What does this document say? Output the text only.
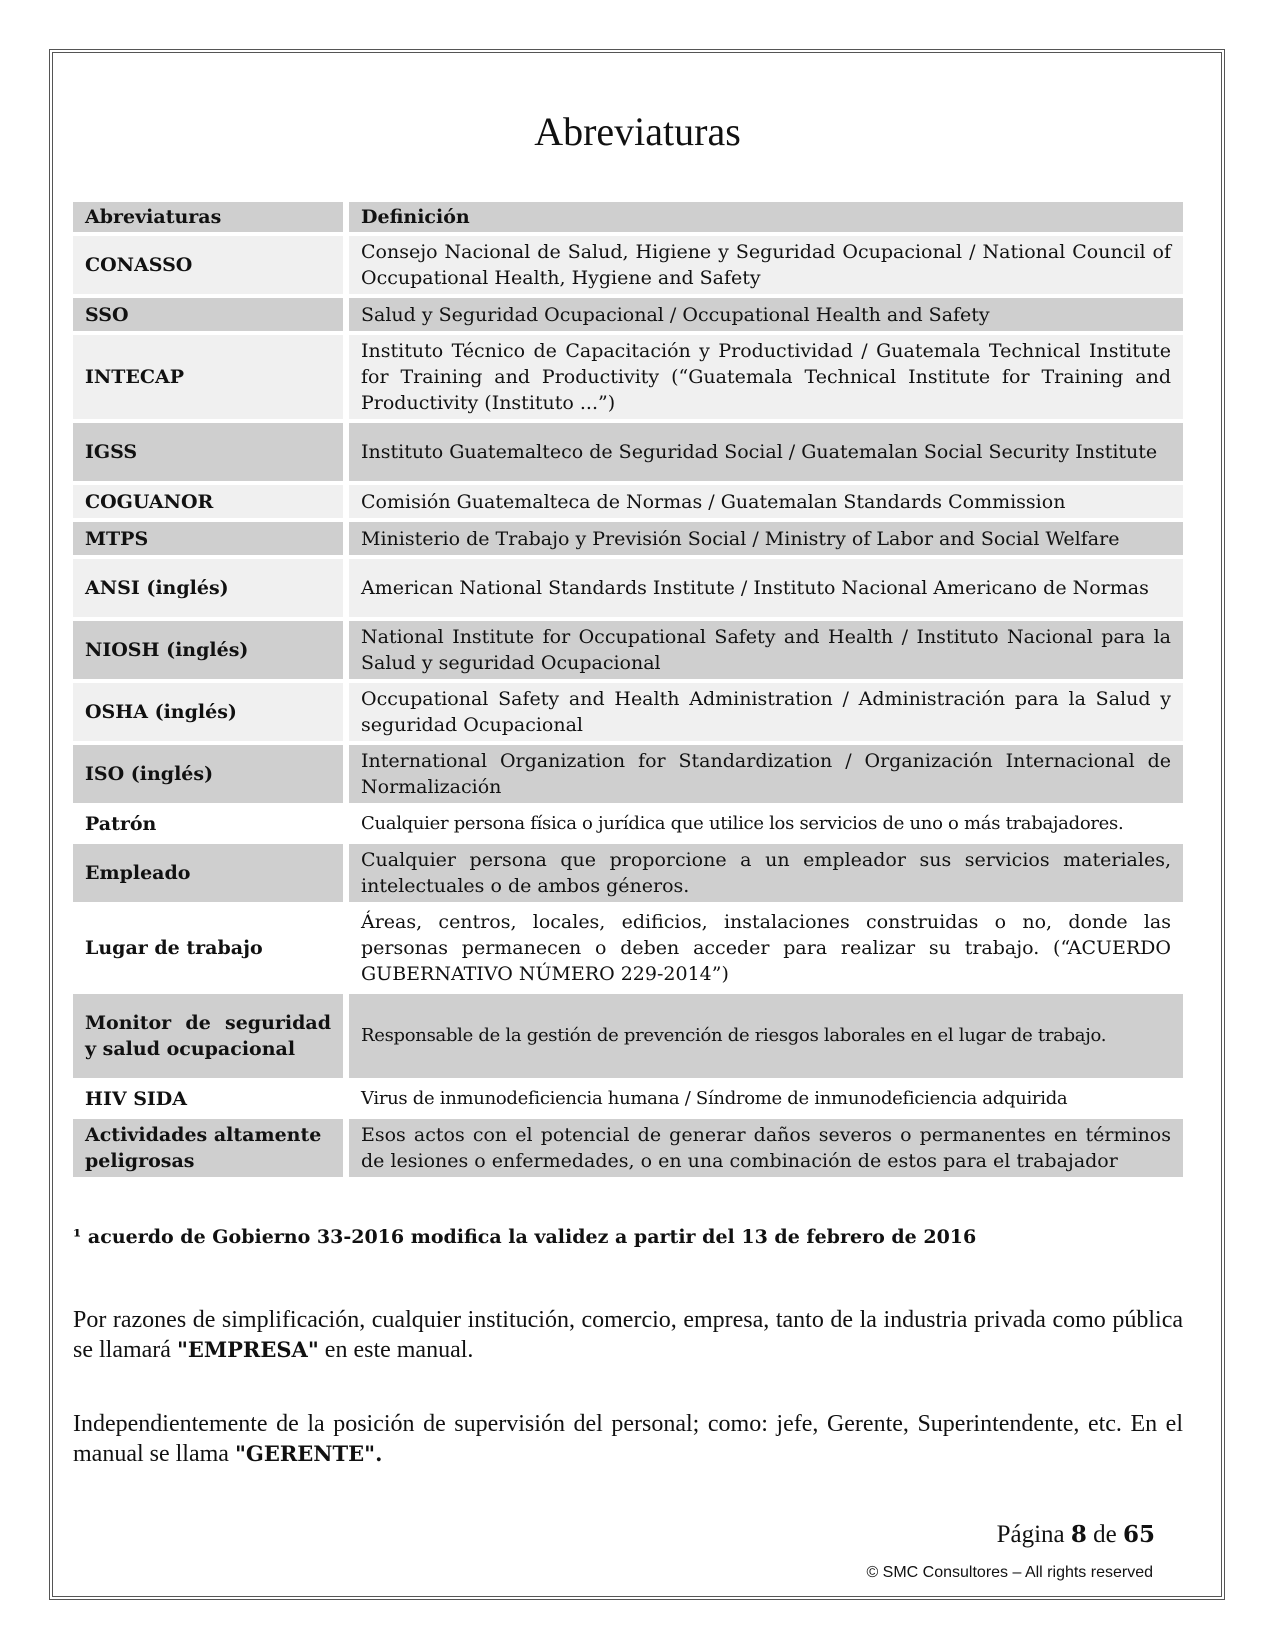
Abreviaturas
Abreviaturas	Definición
CONASSO	Consejo Nacional de Salud, Higiene y Seguridad Ocupacional / National Council of Occupational Health, Hygiene and Safety
SSO	Salud y Seguridad Ocupacional / Occupational Health and Safety
INTECAP	Instituto Técnico de Capacitación y Productividad / Guatemala Technical Institute for Training and Productivity (“Guatemala Technical Institute for Training and Productivity (Instituto ...”)
IGSS	Instituto Guatemalteco de Seguridad Social / Guatemalan Social Security Institute
COGUANOR	Comisión Guatemalteca de Normas / Guatemalan Standards Commission
MTPS	Ministerio de Trabajo y Previsión Social / Ministry of Labor and Social Welfare
ANSI (inglés)	American National Standards Institute / Instituto Nacional Americano de Normas
NIOSH (inglés)	National Institute for Occupational Safety and Health / Instituto Nacional para la Salud y seguridad Ocupacional
OSHA (inglés)	Occupational Safety and Health Administration / Administración para la Salud y seguridad Ocupacional
ISO (inglés)	International Organization for Standardization / Organización Internacional de Normalización
Patrón	Cualquier persona física o jurídica que utilice los servicios de uno o más trabajadores.
Empleado	Cualquier persona que proporcione a un empleador sus servicios materiales, intelectuales o de ambos géneros.
Lugar de trabajo	Áreas, centros, locales, edificios, instalaciones construidas o no, donde las personas permanecen o deben acceder para realizar su trabajo. (“ACUERDO GUBERNATIVO NÚMERO 229-2014”)
Monitor de seguridad y salud ocupacional	Responsable de la gestión de prevención de riesgos laborales en el lugar de trabajo.
HIV SIDA	Virus de inmunodeficiencia humana / Síndrome de inmunodeficiencia adquirida
Actividades altamente peligrosas	Esos actos con el potencial de generar daños severos o permanentes en términos de lesiones o enfermedades, o en una combinación de estos para el trabajador
¹ acuerdo de Gobierno 33-2016 modifica la validez a partir del 13 de febrero de 2016
Por razones de simplificación, cualquier institución, comercio, empresa, tanto de la industria privada como pública se llamará "EMPRESA" en este manual.
Independientemente de la posición de supervisión del personal; como: jefe, Gerente, Superintendente, etc. En el manual se llama "GERENTE".
Página 8 de 65
© SMC Consultores – All rights reserved
